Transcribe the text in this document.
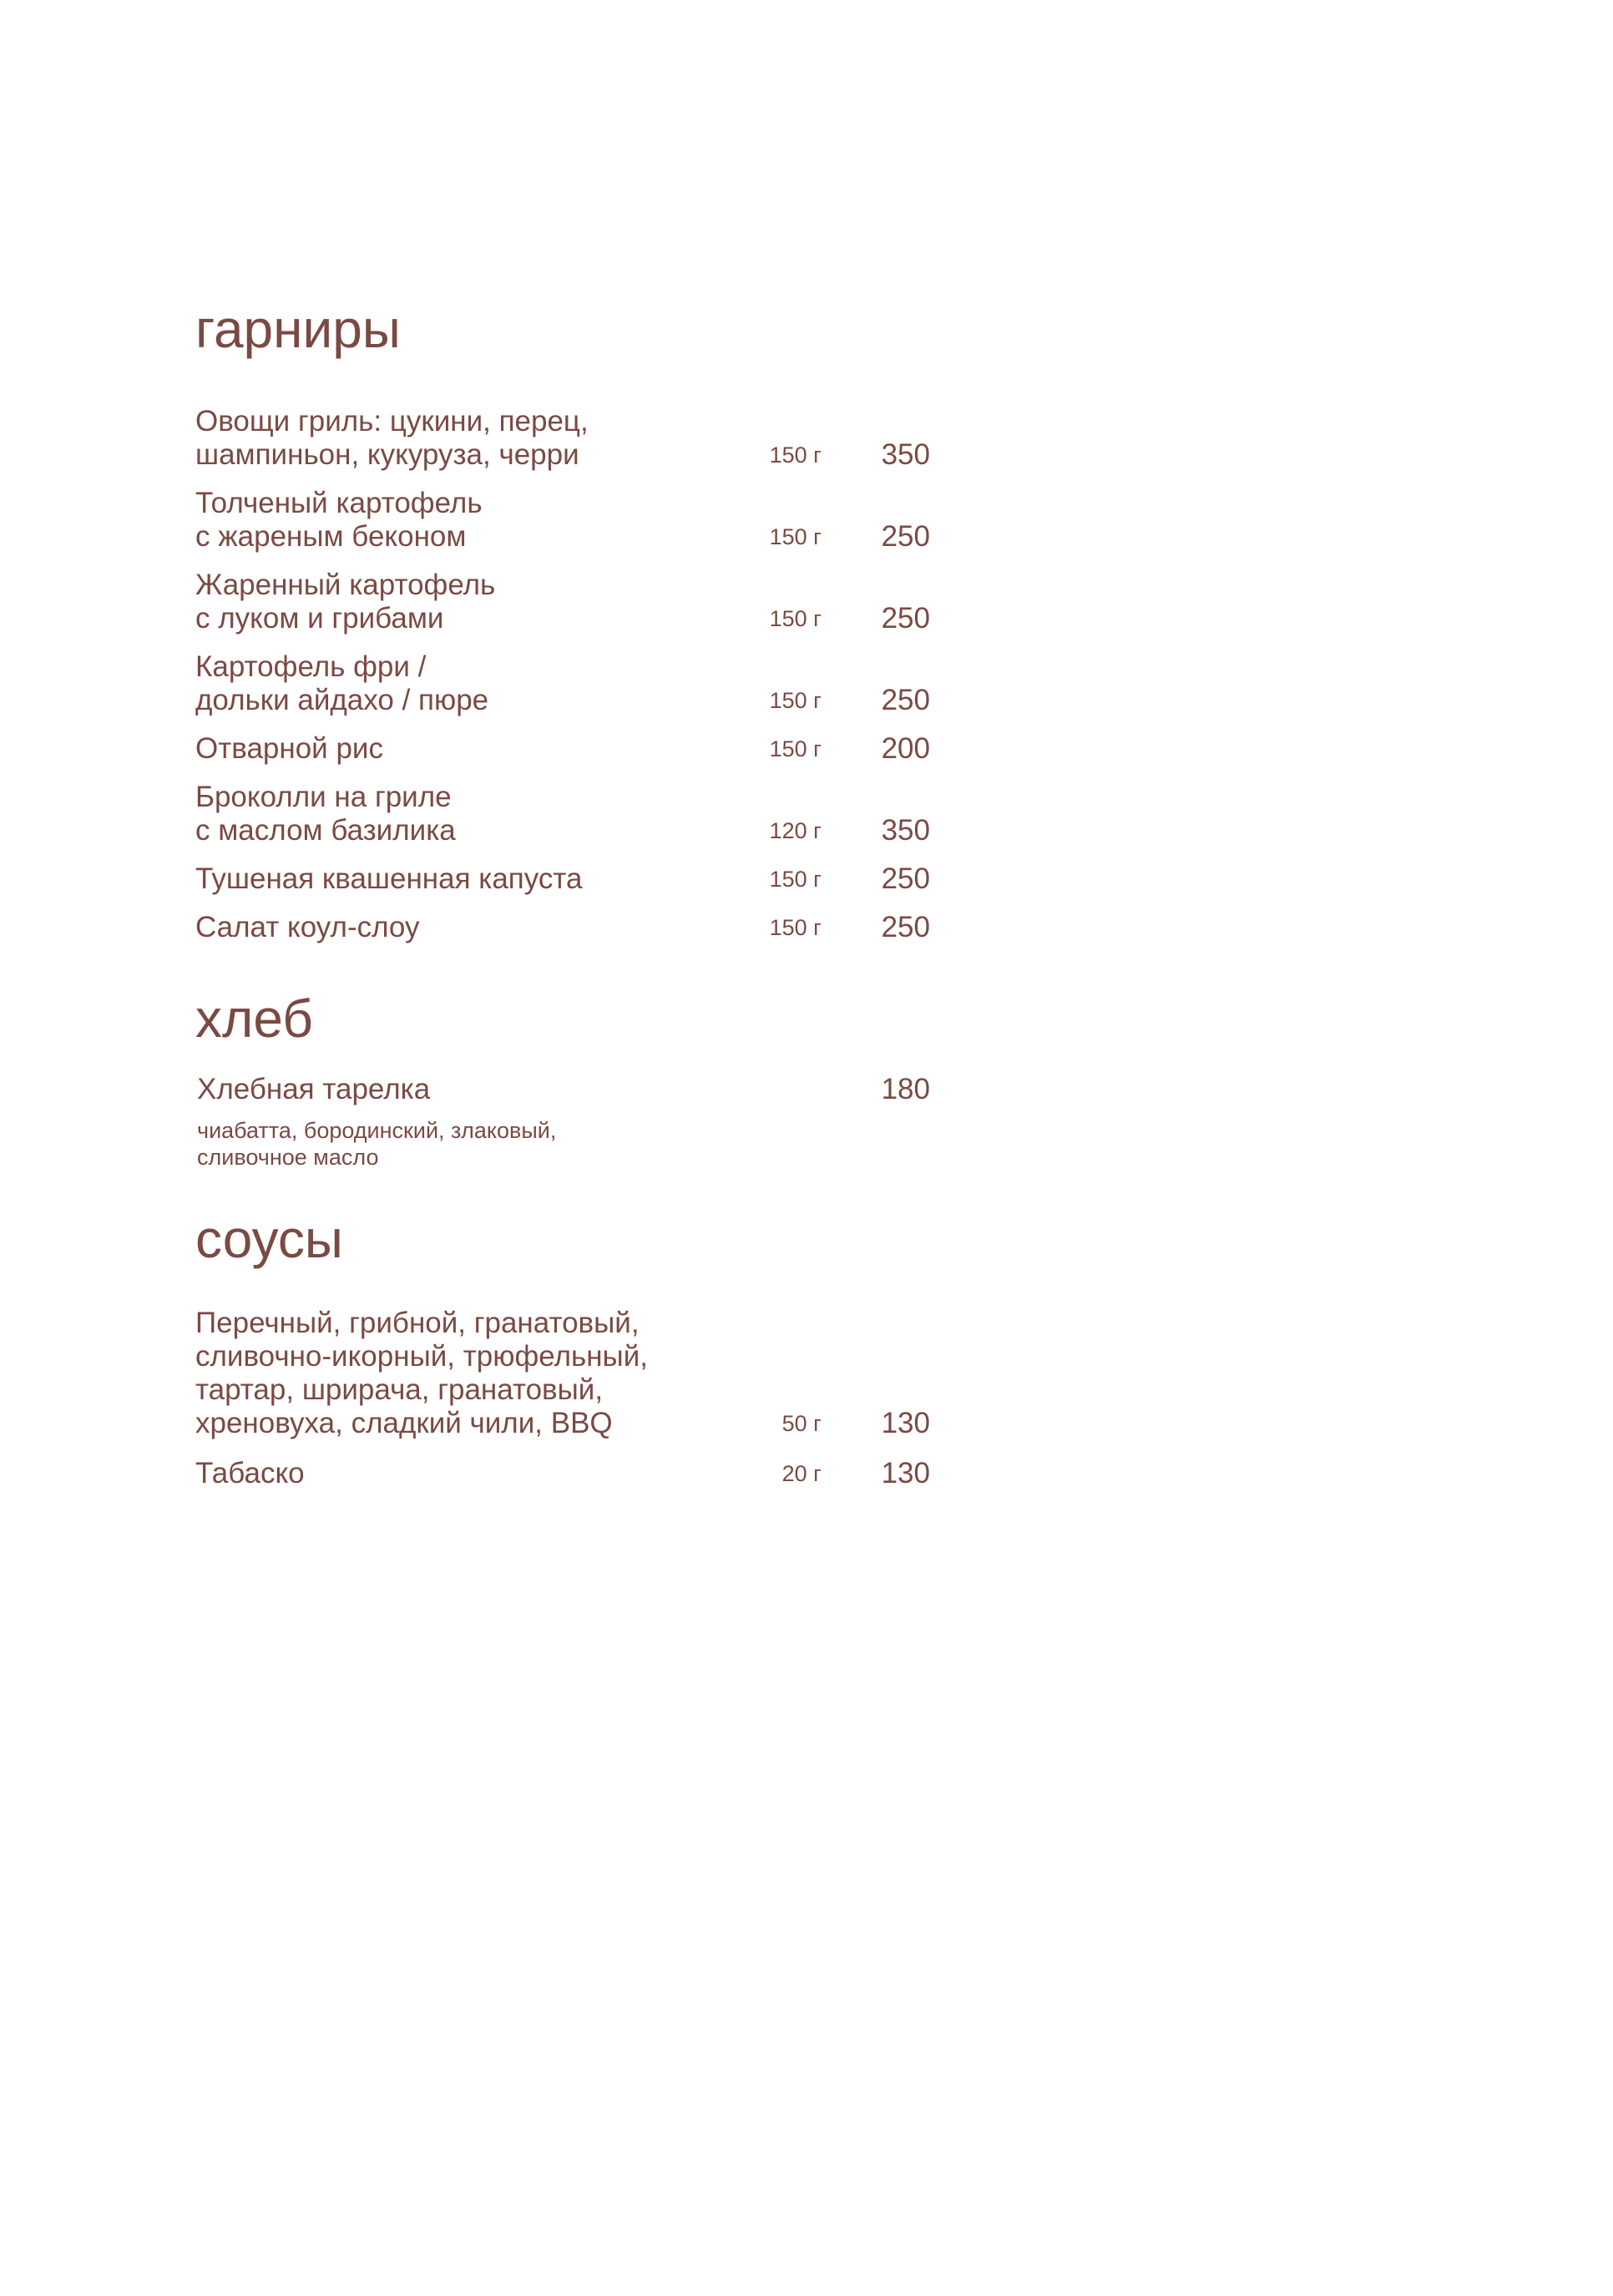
гарниры
Овощи гриль: цукини, перец,
шампиньон, кукуруза, черри	150 г 350
Толченый картофель
с жареным беконом	150 г 250
Жаренный картофель
с луком и грибами	150 г 250
Картофель фри /
дольки айдахо / пюре	150 г 250
Отварной рис	150 г 200
Броколли на гриле
с маслом базилика	120 г 350
Тушеная квашенная капуста	150 г 250
Салат коул-слоу	150 г 250
хлеб
Хлебная тарелка	180
чиабатта, бородинский, злаковый,
сливочное масло
соусы
Перечный, грибной, гранатовый,
сливочно-икорный, трюфельный,
тартар, шрирача, гранатовый,
хреновуха, сладкий чили, BBQ	50 г 130
Табаско	20 г 130
